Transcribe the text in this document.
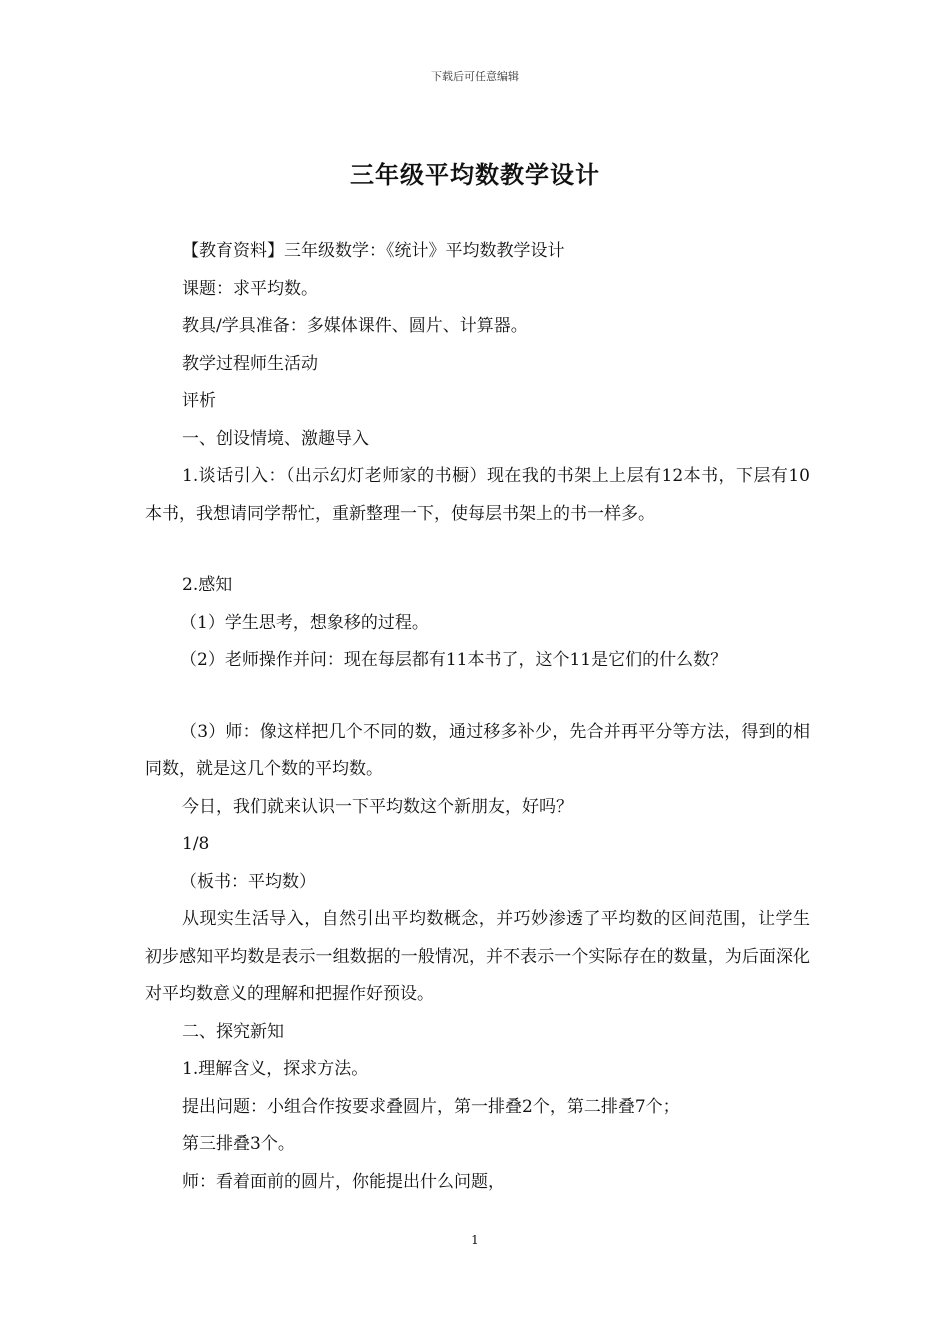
下载后可任意编辑
三年级平均数教学设计

【教育资料】三年级数学：《统计》平均数教学设计

课题：求平均数。

教具/学具准备：多媒体课件、圆片、计算器。

教学过程师生活动

评析

一、创设情境、激趣导入

1.谈话引入：（出示幻灯老师家的书橱）现在我的书架上上层有12本书，下层有10本书，我想请同学帮忙，重新整理一下，使每层书架上的书一样多。

2.感知

（1）学生思考，想象移的过程。

（2）老师操作并问：现在每层都有11本书了，这个11是它们的什么数？

（3）师：像这样把几个不同的数，通过移多补少，先合并再平分等方法，得到的相同数，就是这几个数的平均数。

今日，我们就来认识一下平均数这个新朋友，好吗？

1/8

（板书：平均数）

从现实生活导入，自然引出平均数概念，并巧妙渗透了平均数的区间范围，让学生初步感知平均数是表示一组数据的一般情况，并不表示一个实际存在的数量，为后面深化对平均数意义的理解和把握作好预设。

二、探究新知

1.理解含义，探求方法。

提出问题：小组合作按要求叠圆片，第一排叠2个，第二排叠7个；

第三排叠3个。

师：看着面前的圆片，你能提出什么问题，

1
